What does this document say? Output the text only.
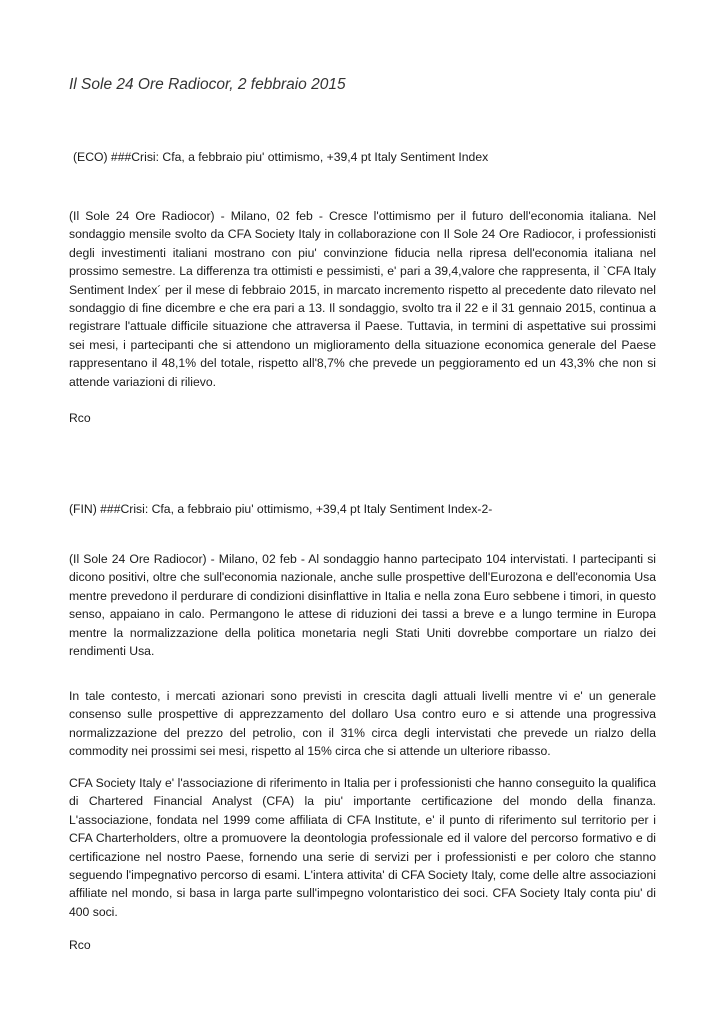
Il Sole 24 Ore Radiocor, 2 febbraio 2015
(ECO) ###Crisi: Cfa, a febbraio piu' ottimismo, +39,4 pt Italy Sentiment Index
(Il Sole 24 Ore Radiocor) - Milano, 02 feb - Cresce l'ottimismo per il futuro dell'economia italiana. Nel sondaggio mensile svolto da CFA Society Italy in collaborazione con Il Sole 24 Ore Radiocor, i professionisti degli investimenti italiani mostrano con piu' convinzione fiducia nella ripresa dell'economia italiana nel prossimo semestre. La differenza tra ottimisti e pessimisti, e' pari a 39,4,valore che rappresenta, il `CFA Italy Sentiment Index´ per il mese di febbraio 2015, in marcato incremento rispetto al precedente dato rilevato nel sondaggio di fine dicembre e che era pari a 13. Il sondaggio, svolto tra il 22 e il 31 gennaio 2015, continua a registrare l'attuale difficile situazione che attraversa il Paese. Tuttavia, in termini di aspettative sui prossimi sei mesi, i partecipanti che si attendono un miglioramento della situazione economica generale del Paese rappresentano il 48,1% del totale, rispetto all'8,7% che prevede un peggioramento ed un 43,3% che non si attende variazioni di rilievo.
Rco
(FIN) ###Crisi: Cfa, a febbraio piu' ottimismo, +39,4 pt Italy Sentiment Index-2-
(Il Sole 24 Ore Radiocor) - Milano, 02 feb - Al sondaggio hanno partecipato 104 intervistati. I partecipanti si dicono positivi, oltre che sull'economia nazionale, anche sulle prospettive dell'Eurozona e dell'economia Usa mentre prevedono il perdurare di condizioni disinflattive in Italia e nella zona Euro sebbene i timori, in questo senso, appaiano in calo. Permangono le attese di riduzioni dei tassi a breve e a lungo termine in Europa mentre la normalizzazione della politica monetaria negli Stati Uniti dovrebbe comportare un rialzo dei rendimenti Usa.
In tale contesto, i mercati azionari sono previsti in crescita dagli attuali livelli mentre vi e' un generale consenso sulle prospettive di apprezzamento del dollaro Usa contro euro e si attende una progressiva normalizzazione del prezzo del petrolio, con il 31% circa degli intervistati che prevede un rialzo della commodity nei prossimi sei mesi, rispetto al 15% circa che si attende un ulteriore ribasso.
CFA Society Italy e' l'associazione di riferimento in Italia per i professionisti che hanno conseguito la qualifica di Chartered Financial Analyst (CFA) la piu' importante certificazione del mondo della finanza. L'associazione, fondata nel 1999 come affiliata di CFA Institute, e' il punto di riferimento sul territorio per i CFA Charterholders, oltre a promuovere la deontologia professionale ed il valore del percorso formativo e di certificazione nel nostro Paese, fornendo una serie di servizi per i professionisti e per coloro che stanno seguendo l'impegnativo percorso di esami. L'intera attivita' di CFA Society Italy, come delle altre associazioni affiliate nel mondo, si basa in larga parte sull'impegno volontaristico dei soci. CFA Society Italy conta piu' di 400 soci.
Rco
